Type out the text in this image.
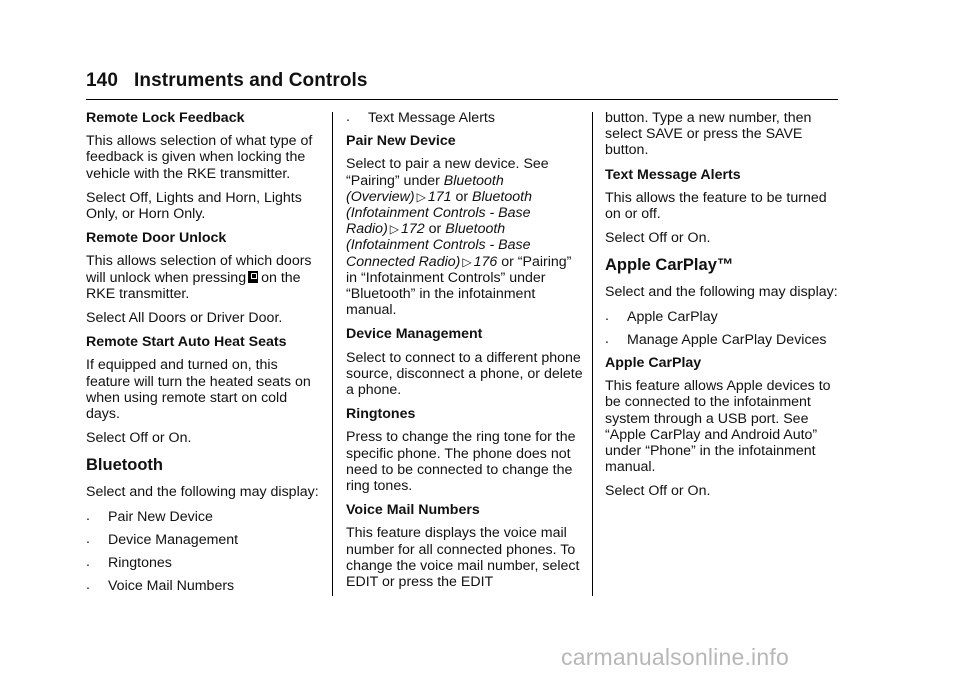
140 Instruments and Controls

Remote Lock Feedback

This allows selection of what type of feedback is given when locking the vehicle with the RKE transmitter.

Select Off, Lights and Horn, Lights Only, or Horn Only.

Remote Door Unlock

This allows selection of which doors will unlock when pressing on the RKE transmitter.

Select All Doors or Driver Door.

Remote Start Auto Heat Seats

If equipped and turned on, this feature will turn the heated seats on when using remote start on cold days.

Select Off or On.

Bluetooth

Select and the following may display:

. Pair New Device

. Device Management

. Ringtones

. Voice Mail Numbers

. Text Message Alerts

Pair New Device

Select to pair a new device. See “Pairing” under Bluetooth (Overview) ▷ 171 or Bluetooth (Infotainment Controls - Base Radio) ▷ 172 or Bluetooth (Infotainment Controls - Base Connected Radio) ▷ 176 or “Pairing” in “Infotainment Controls” under “Bluetooth” in the infotainment manual.

Device Management

Select to connect to a different phone source, disconnect a phone, or delete a phone.

Ringtones

Press to change the ring tone for the specific phone. The phone does not need to be connected to change the ring tones.

Voice Mail Numbers

This feature displays the voice mail number for all connected phones. To change the voice mail number, select EDIT or press the EDIT

button. Type a new number, then select SAVE or press the SAVE button.

Text Message Alerts

This allows the feature to be turned on or off.

Select Off or On.

Apple CarPlay™

Select and the following may display:

. Apple CarPlay

. Manage Apple CarPlay Devices

Apple CarPlay

This feature allows Apple devices to be connected to the infotainment system through a USB port. See “Apple CarPlay and Android Auto” under “Phone” in the infotainment manual.

Select Off or On.

carmanualsonline.info
